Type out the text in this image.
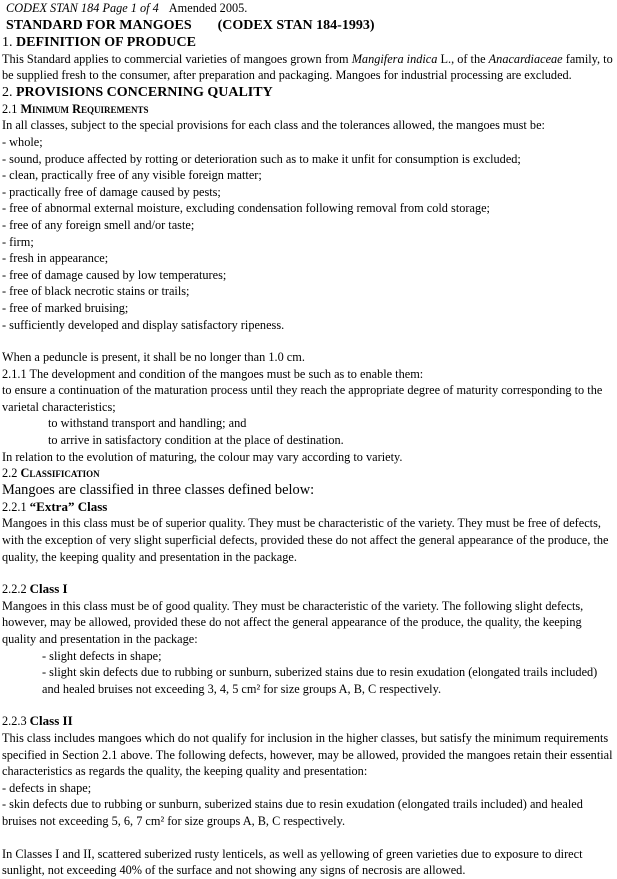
CODEX STAN 184 Page 1 of 4 Amended 2005.
STANDARD FOR MANGOES (CODEX STAN 184-1993)
1. DEFINITION OF PRODUCE
This Standard applies to commercial varieties of mangoes grown from Mangifera indica L., of the Anacardiaceae family, to be supplied fresh to the consumer, after preparation and packaging. Mangoes for industrial processing are excluded.
2. PROVISIONS CONCERNING QUALITY
2.1 Minimum Requirements
In all classes, subject to the special provisions for each class and the tolerances allowed, the mangoes must be:
- whole;
- sound, produce affected by rotting or deterioration such as to make it unfit for consumption is excluded;
- clean, practically free of any visible foreign matter;
- practically free of damage caused by pests;
- free of abnormal external moisture, excluding condensation following removal from cold storage;
- free of any foreign smell and/or taste;
- firm;
- fresh in appearance;
- free of damage caused by low temperatures;
- free of black necrotic stains or trails;
- free of marked bruising;
- sufficiently developed and display satisfactory ripeness.
When a peduncle is present, it shall be no longer than 1.0 cm.
2.1.1 The development and condition of the mangoes must be such as to enable them:
to ensure a continuation of the maturation process until they reach the appropriate degree of maturity corresponding to the varietal characteristics;
to withstand transport and handling; and
to arrive in satisfactory condition at the place of destination.
In relation to the evolution of maturing, the colour may vary according to variety.
2.2 Classification
Mangoes are classified in three classes defined below:
2.2.1 “Extra” Class
Mangoes in this class must be of superior quality. They must be characteristic of the variety. They must be free of defects, with the exception of very slight superficial defects, provided these do not affect the general appearance of the produce, the quality, the keeping quality and presentation in the package.
2.2.2 Class I
Mangoes in this class must be of good quality. They must be characteristic of the variety. The following slight defects, however, may be allowed, provided these do not affect the general appearance of the produce, the quality, the keeping quality and presentation in the package:
- slight defects in shape;
- slight skin defects due to rubbing or sunburn, suberized stains due to resin exudation (elongated trails included) and healed bruises not exceeding 3, 4, 5 cm² for size groups A, B, C respectively.
2.2.3 Class II
This class includes mangoes which do not qualify for inclusion in the higher classes, but satisfy the minimum requirements specified in Section 2.1 above. The following defects, however, may be allowed, provided the mangoes retain their essential characteristics as regards the quality, the keeping quality and presentation:
- defects in shape;
- skin defects due to rubbing or sunburn, suberized stains due to resin exudation (elongated trails included) and healed bruises not exceeding 5, 6, 7 cm² for size groups A, B, C respectively.
In Classes I and II, scattered suberized rusty lenticels, as well as yellowing of green varieties due to exposure to direct sunlight, not exceeding 40% of the surface and not showing any signs of necrosis are allowed.
